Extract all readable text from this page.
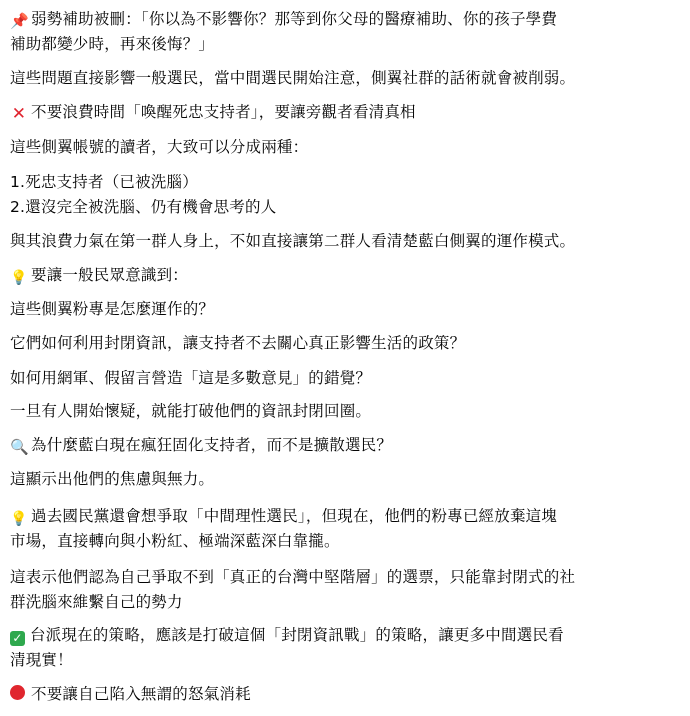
📌 弱勢補助被刪：「你以為不影響你？那等到你父母的醫療補助、你的孩子學費
補助都變少時，再來後悔？」
這些問題直接影響一般選民，當中間選民開始注意，側翼社群的話術就會被削弱。
✕ 不要浪費時間「喚醒死忠支持者」，要讓旁觀者看清真相
這些側翼帳號的讀者，大致可以分成兩種：
1.死忠支持者（已被洗腦）
2.還沒完全被洗腦、仍有機會思考的人
與其浪費力氣在第一群人身上，不如直接讓第二群人看清楚藍白側翼的運作模式。
💡 要讓一般民眾意識到：
這些側翼粉專是怎麼運作的？
它們如何利用封閉資訊，讓支持者不去關心真正影響生活的政策？
如何用網軍、假留言營造「這是多數意見」的錯覺？
一旦有人開始懷疑，就能打破他們的資訊封閉回圈。
🔍 為什麼藍白現在瘋狂固化支持者，而不是擴散選民？
這顯示出他們的焦慮與無力。
💡 過去國民黨還會想爭取「中間理性選民」，但現在，他們的粉專已經放棄這塊
市場，直接轉向與小粉紅、極端深藍深白靠攏。
這表示他們認為自己爭取不到「真正的台灣中堅階層」的選票，只能靠封閉式的社
群洗腦來維繫自己的勢力
✓ 台派現在的策略，應該是打破這個「封閉資訊戰」的策略，讓更多中間選民看
清現實！
不要讓自己陷入無謂的怒氣消耗
